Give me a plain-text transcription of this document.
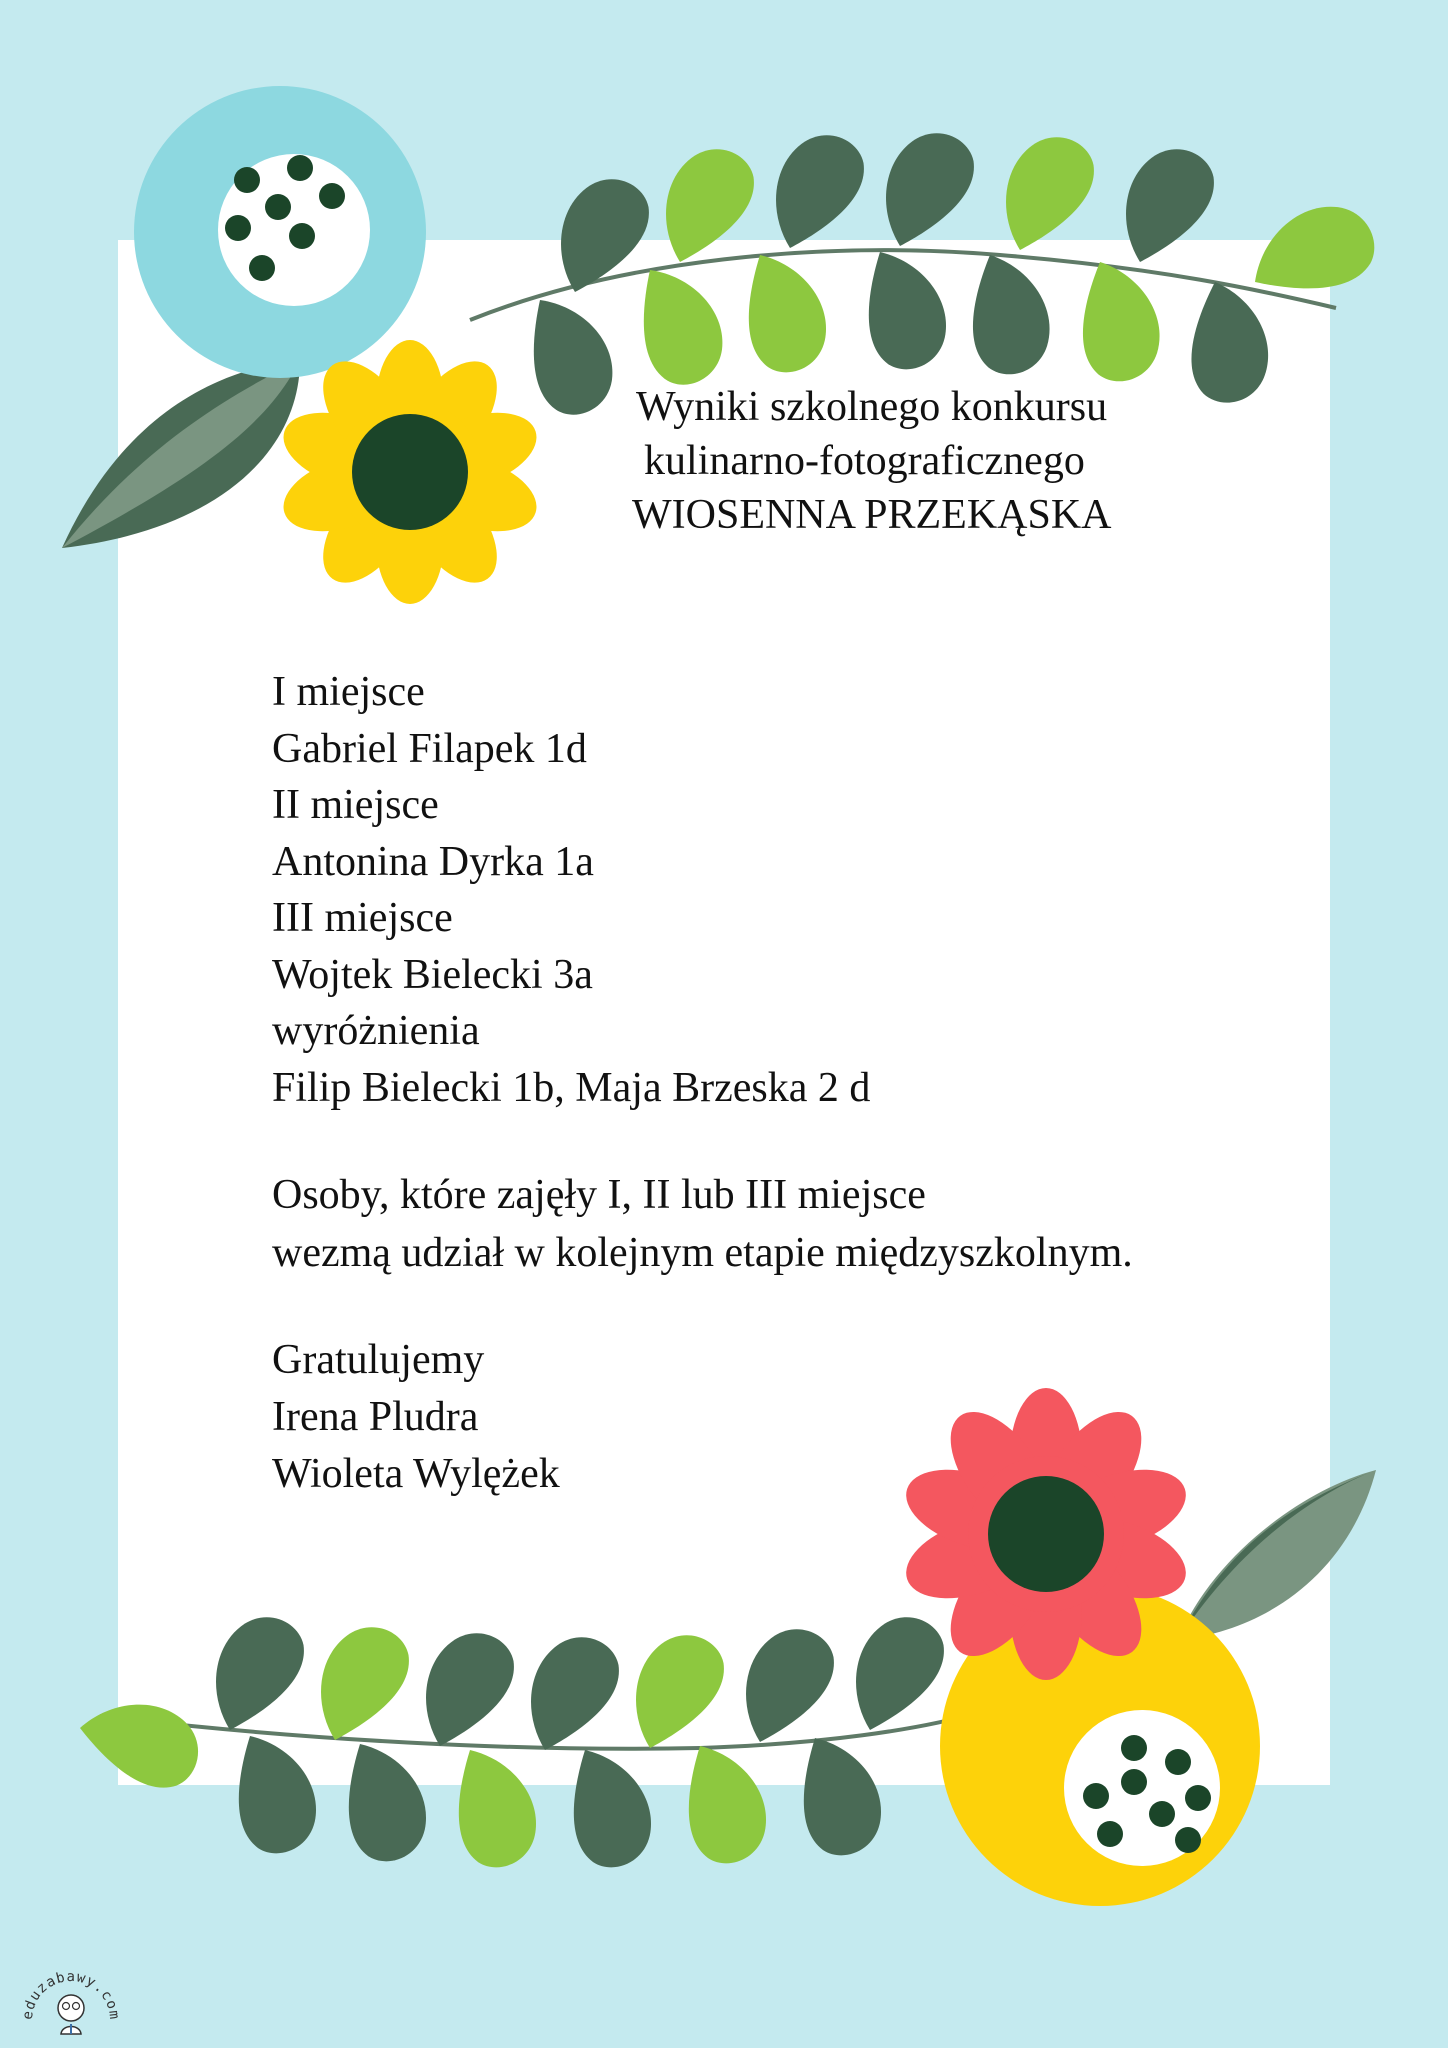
Wyniki szkolnego konkursu
kulinarno-fotograficznego
WIOSENNA PRZEKĄSKA
I miejsce
Gabriel Filapek 1d
II miejsce
Antonina Dyrka 1a
III miejsce
Wojtek Bielecki 3a
wyróżnienia
Filip Bielecki 1b, Maja Brzeska 2 d
Osoby, które zajęły I, II lub III miejsce
wezmą udział w kolejnym etapie międzyszkolnym.
Gratulujemy
Irena Pludra
Wioleta Wylężek
eduzabawy.com
